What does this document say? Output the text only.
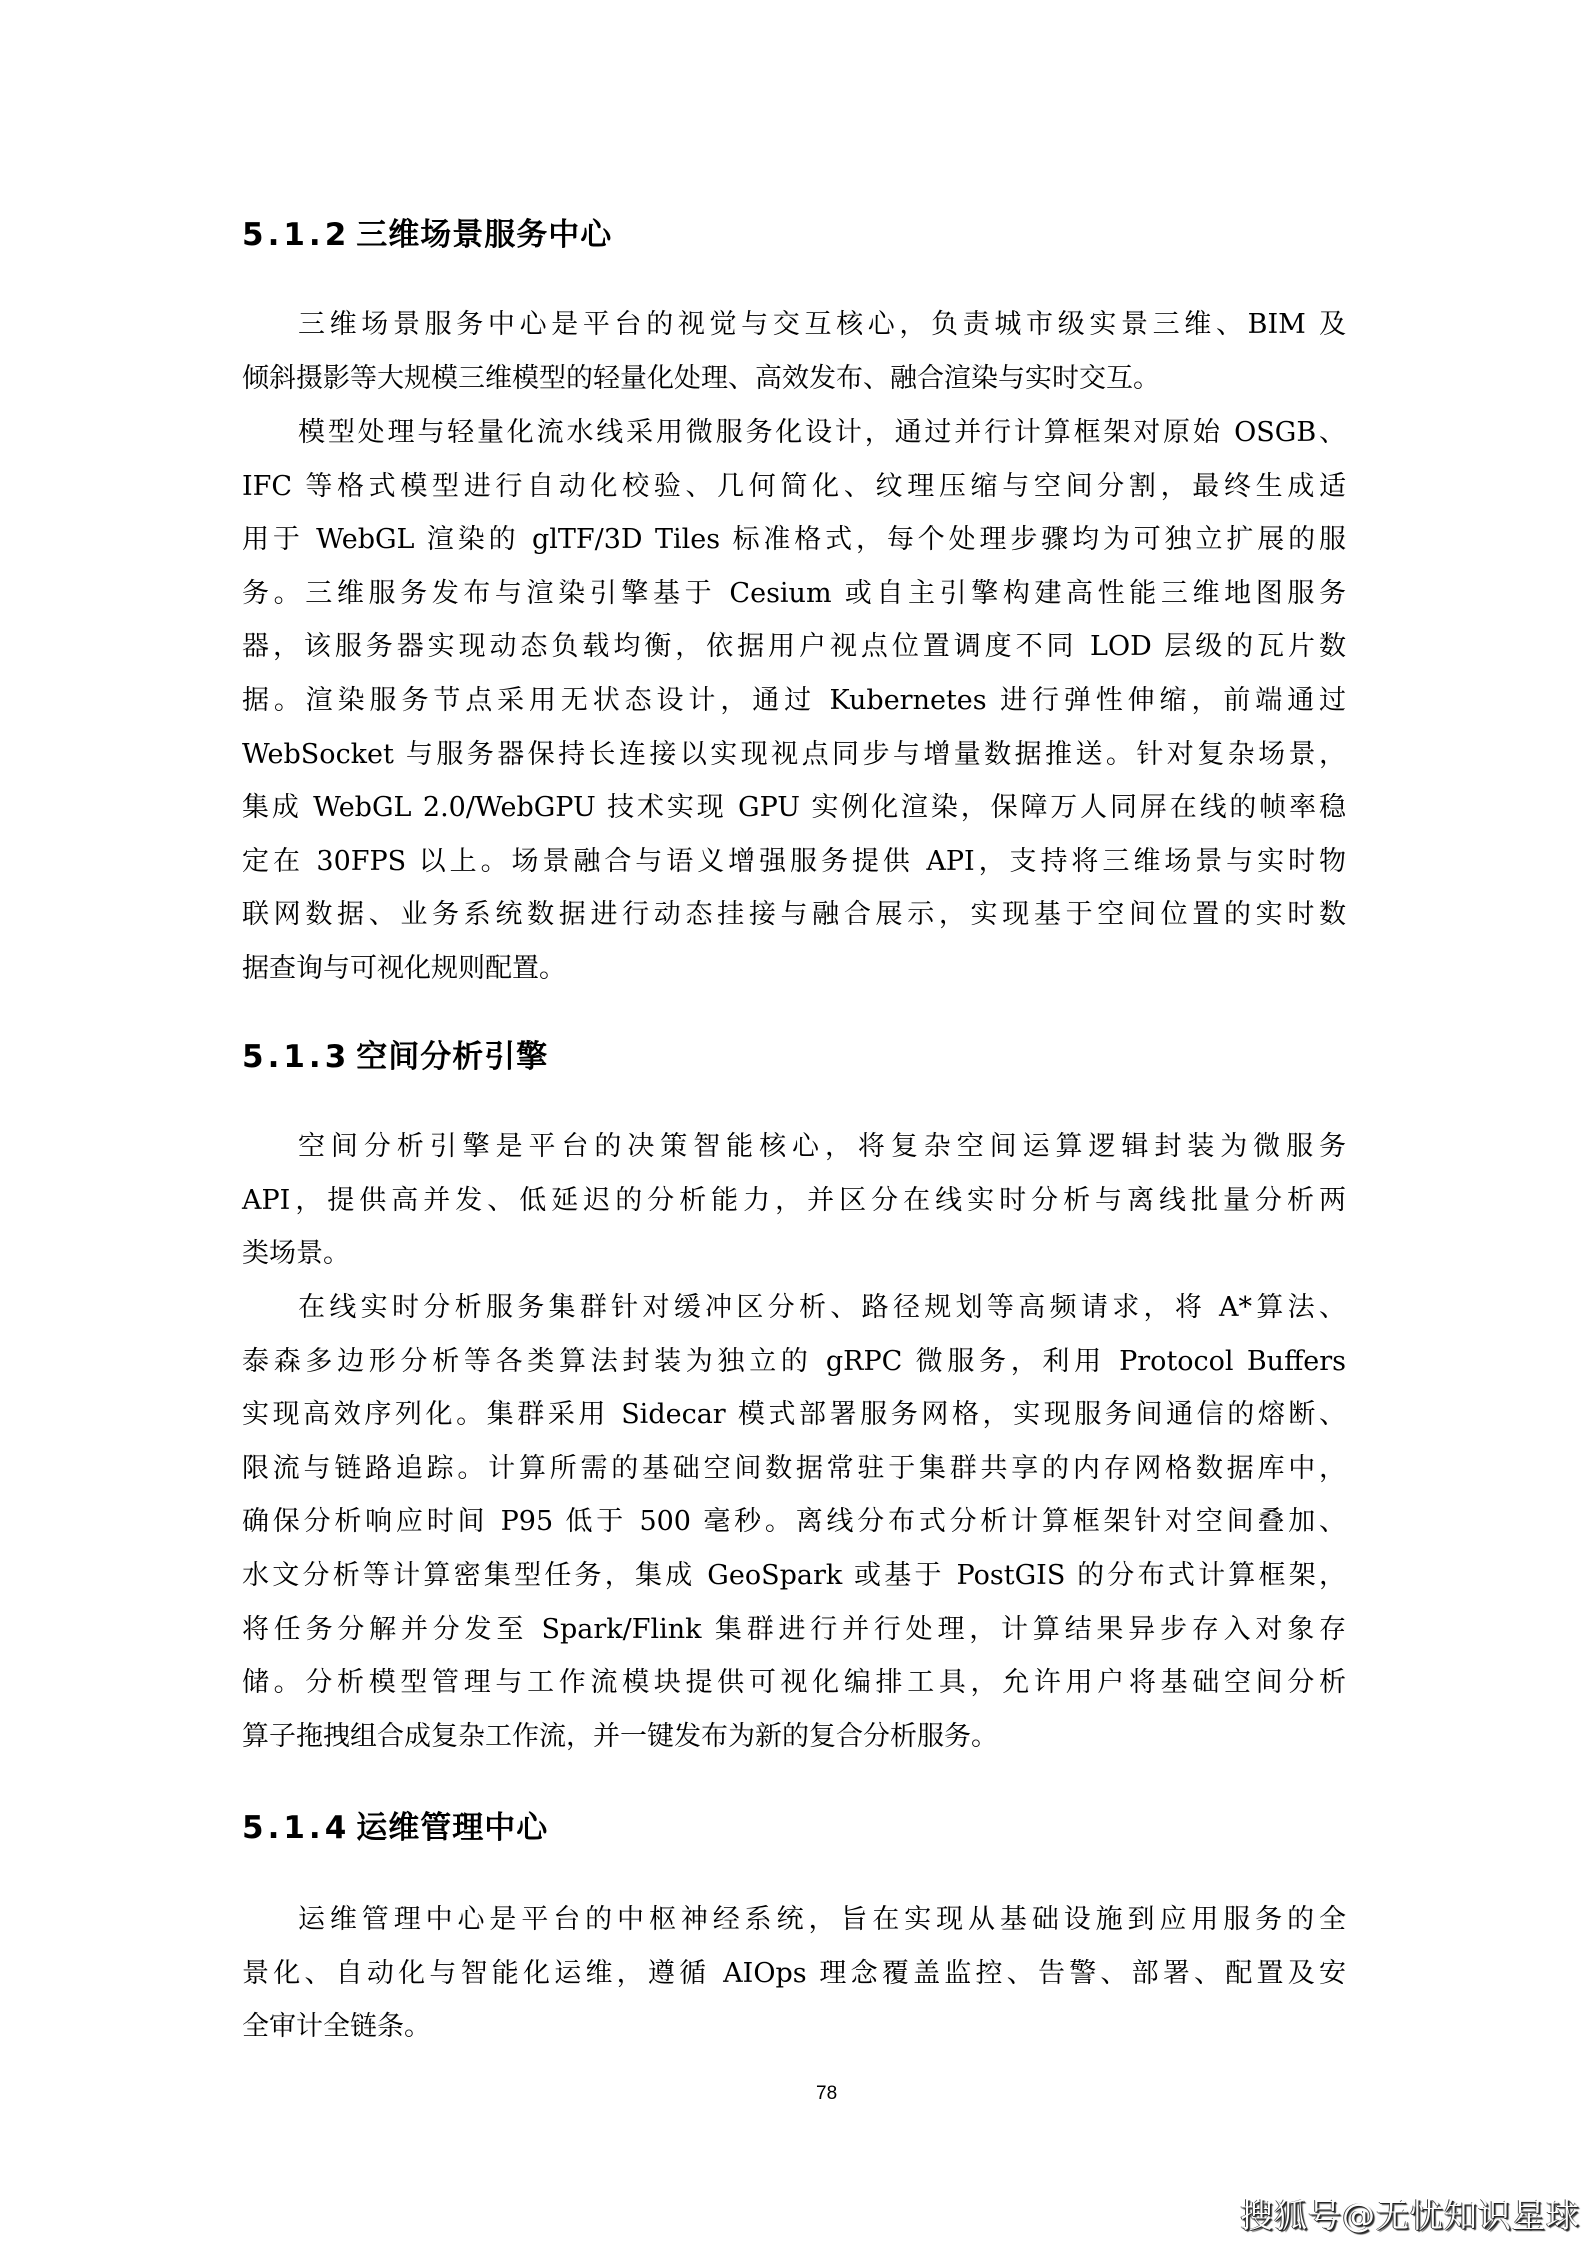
78
搜狐号@无忧知识星球
5.1.2 三维场景服务中心
三维场景服务中心是平台的视觉与交互核心，负责城市级实景三维、BIM 及
倾斜摄影等大规模三维模型的轻量化处理、高效发布、融合渲染与实时交互。
模型处理与轻量化流水线采用微服务化设计，通过并行计算框架对原始 OSGB、
IFC 等格式模型进行自动化校验、几何简化、纹理压缩与空间分割，最终生成适
用于 WebGL 渲染的 glTF/3D Tiles 标准格式，每个处理步骤均为可独立扩展的服
务。三维服务发布与渲染引擎基于 Cesium 或自主引擎构建高性能三维地图服务
器，该服务器实现动态负载均衡，依据用户视点位置调度不同 LOD 层级的瓦片数
据。渲染服务节点采用无状态设计，通过 Kubernetes 进行弹性伸缩，前端通过
WebSocket 与服务器保持长连接以实现视点同步与增量数据推送。针对复杂场景，
集成 WebGL 2.0/WebGPU 技术实现 GPU 实例化渲染，保障万人同屏在线的帧率稳
定在 30FPS 以上。场景融合与语义增强服务提供 API，支持将三维场景与实时物
联网数据、业务系统数据进行动态挂接与融合展示，实现基于空间位置的实时数
据查询与可视化规则配置。
5.1.3 空间分析引擎
空间分析引擎是平台的决策智能核心，将复杂空间运算逻辑封装为微服务
API，提供高并发、低延迟的分析能力，并区分在线实时分析与离线批量分析两
类场景。
在线实时分析服务集群针对缓冲区分析、路径规划等高频请求，将 A*算法、
泰森多边形分析等各类算法封装为独立的 gRPC 微服务，利用 Protocol Buffers
实现高效序列化。集群采用 Sidecar 模式部署服务网格，实现服务间通信的熔断、
限流与链路追踪。计算所需的基础空间数据常驻于集群共享的内存网格数据库中，
确保分析响应时间 P95 低于 500 毫秒。离线分布式分析计算框架针对空间叠加、
水文分析等计算密集型任务，集成 GeoSpark 或基于 PostGIS 的分布式计算框架，
将任务分解并分发至 Spark/Flink 集群进行并行处理，计算结果异步存入对象存
储。分析模型管理与工作流模块提供可视化编排工具，允许用户将基础空间分析
算子拖拽组合成复杂工作流，并一键发布为新的复合分析服务。
5.1.4 运维管理中心
运维管理中心是平台的中枢神经系统，旨在实现从基础设施到应用服务的全
景化、自动化与智能化运维，遵循 AIOps 理念覆盖监控、告警、部署、配置及安
全审计全链条。
